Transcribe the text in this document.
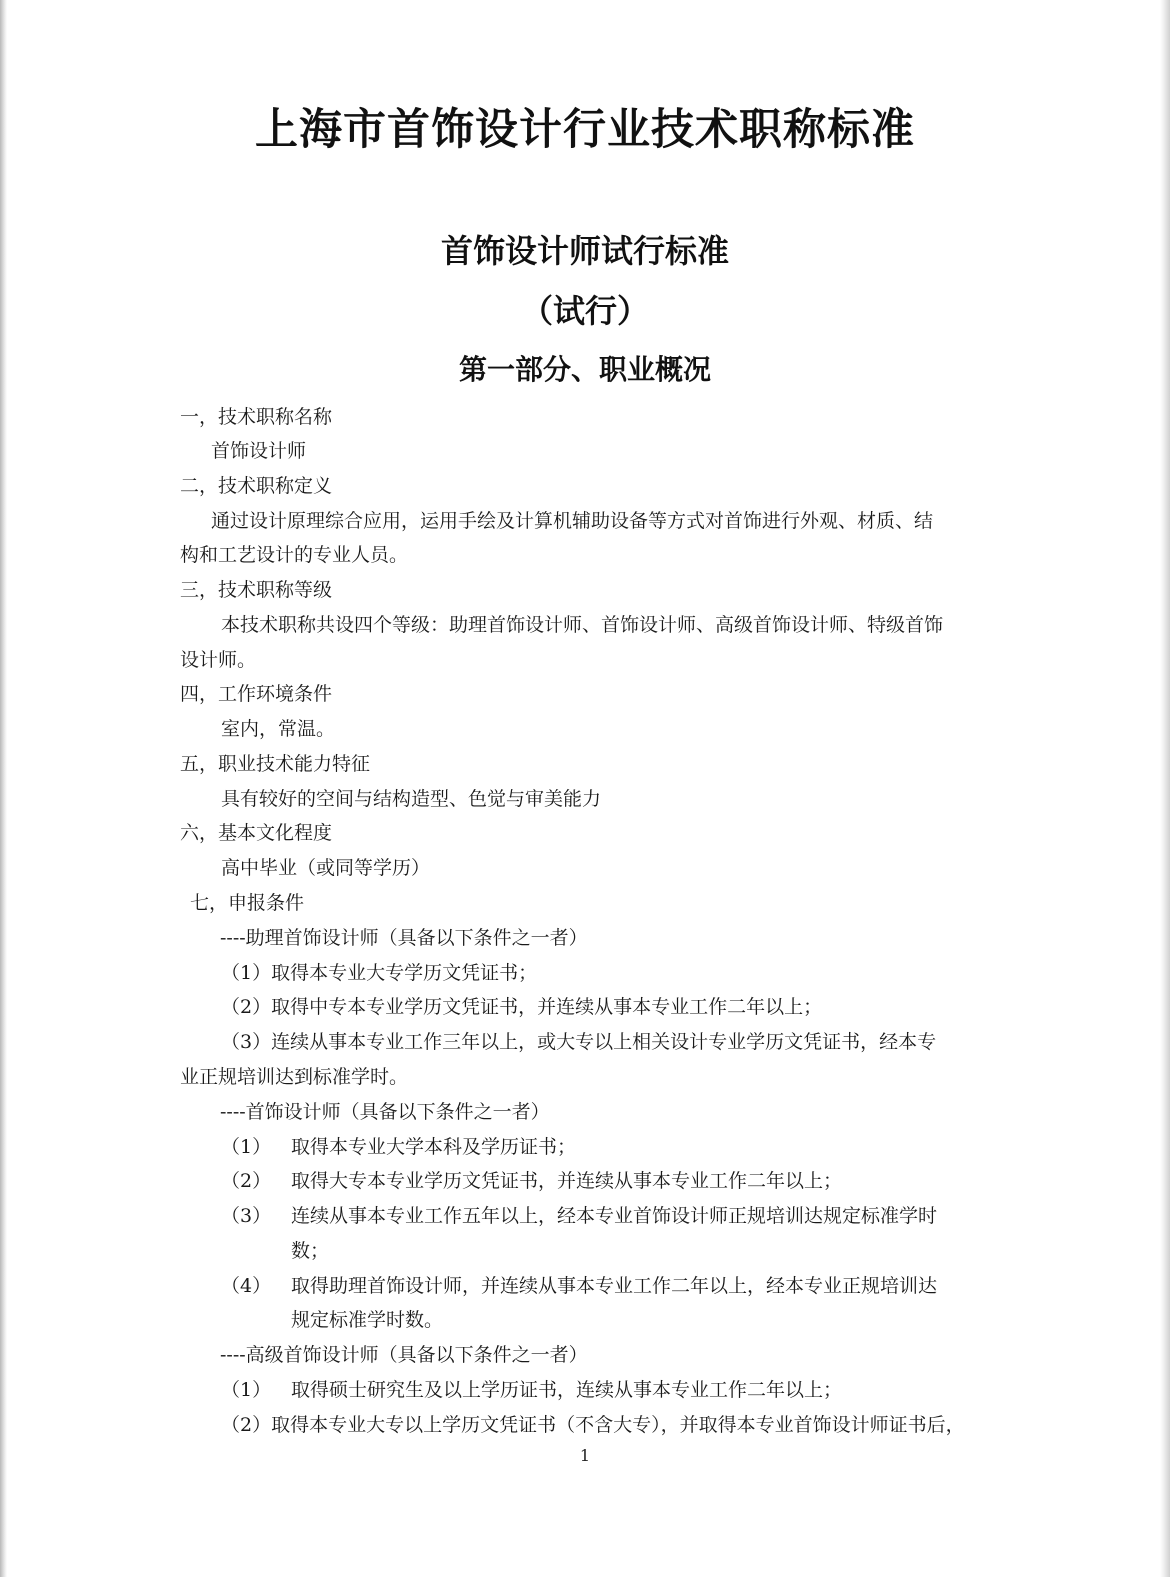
上海市首饰设计行业技术职称标准
首饰设计师试行标准
（试行）
第一部分、职业概况

一，技术职称名称

首饰设计师

二，技术职称定义

通过设计原理综合应用，运用手绘及计算机辅助设备等方式对首饰进行外观、材质、结

构和工艺设计的专业人员。

三，技术职称等级

本技术职称共设四个等级：助理首饰设计师、首饰设计师、高级首饰设计师、特级首饰

设计师。

四，工作环境条件

室内，常温。

五，职业技术能力特征

具有较好的空间与结构造型、色觉与审美能力

六，基本文化程度

高中毕业（或同等学历）

七，申报条件

----助理首饰设计师（具备以下条件之一者）

（1）取得本专业大专学历文凭证书；

（2）取得中专本专业学历文凭证书，并连续从事本专业工作二年以上；

（3）连续从事本专业工作三年以上，或大专以上相关设计专业学历文凭证书，经本专

业正规培训达到标准学时。

----首饰设计师（具备以下条件之一者）

（1） 取得本专业大学本科及学历证书；

（2） 取得大专本专业学历文凭证书，并连续从事本专业工作二年以上；

（3） 连续从事本专业工作五年以上，经本专业首饰设计师正规培训达规定标准学时

数；

（4） 取得助理首饰设计师，并连续从事本专业工作二年以上，经本专业正规培训达

规定标准学时数。

----高级首饰设计师（具备以下条件之一者）

（1） 取得硕士研究生及以上学历证书，连续从事本专业工作二年以上；

（2）取得本专业大专以上学历文凭证书（不含大专），并取得本专业首饰设计师证书后，

1
